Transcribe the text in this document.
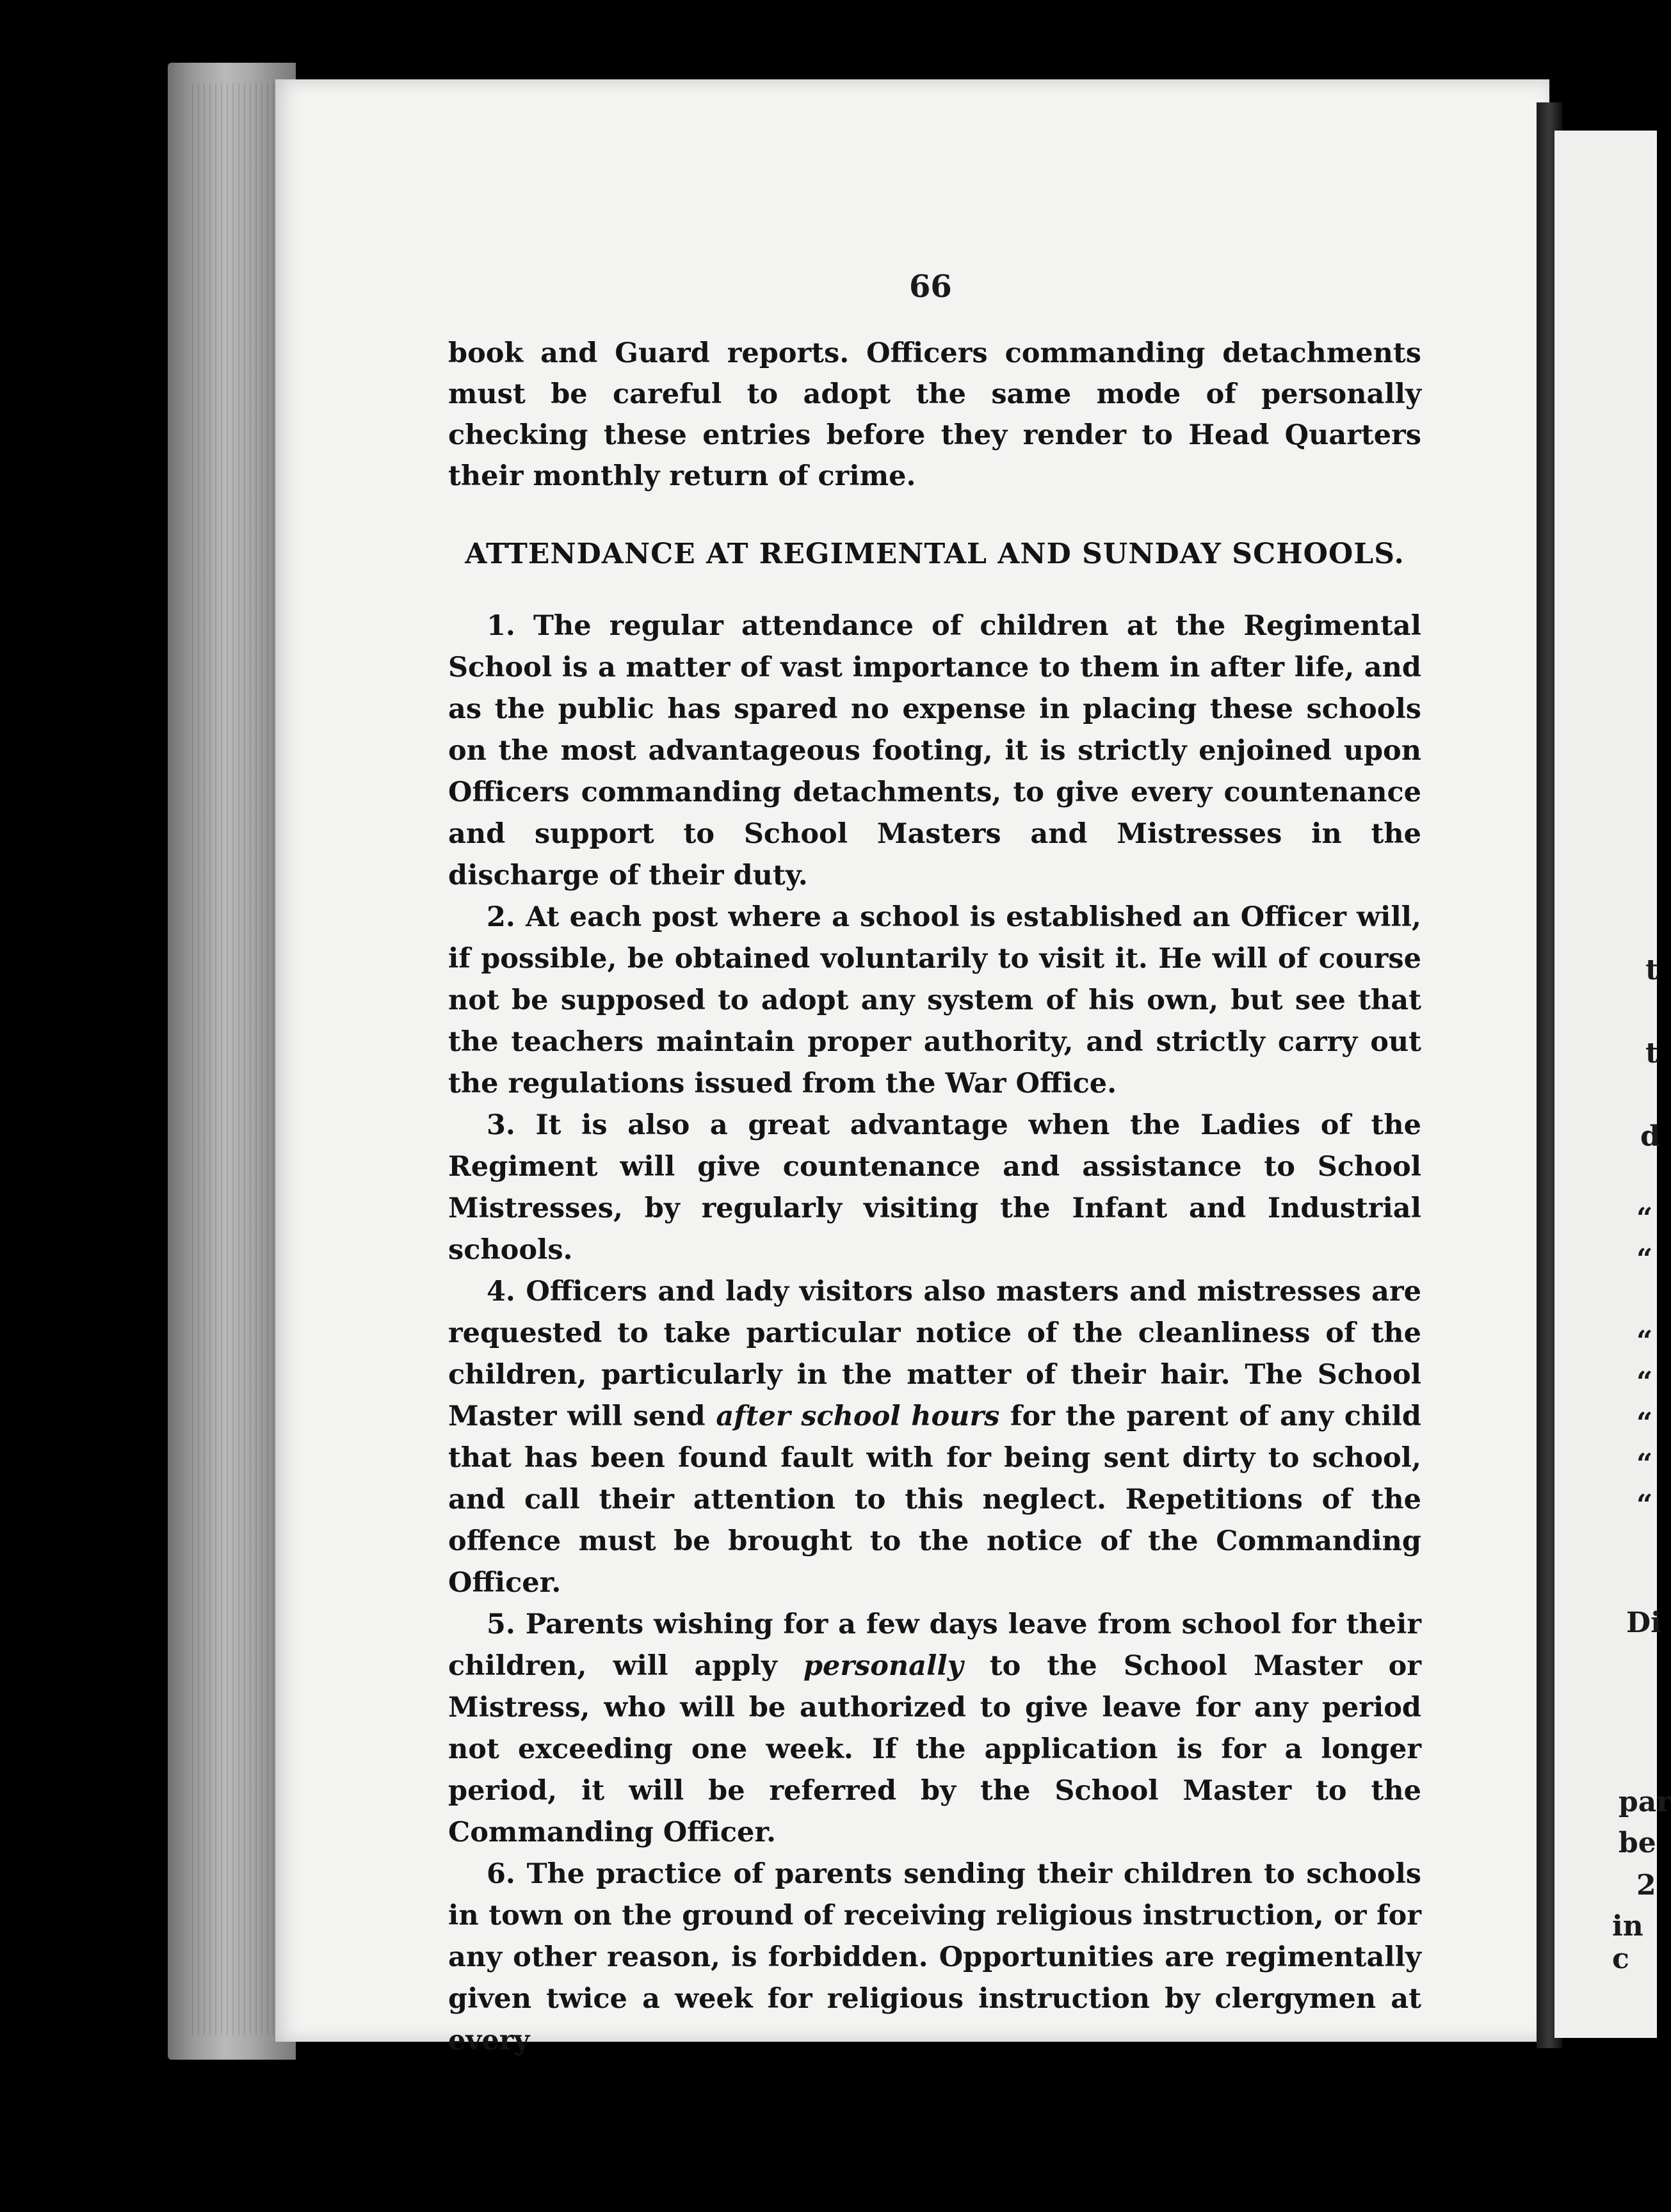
66

book and Guard reports. Officers commanding detachments must be careful to adopt the same mode of personally checking these entries before they render to Head Quarters their monthly return of crime.

ATTENDANCE AT REGIMENTAL AND SUNDAY SCHOOLS.

1. The regular attendance of children at the Regimental School is a matter of vast importance to them in after life, and as the public has spared no expense in placing these schools on the most advantageous footing, it is strictly enjoined upon Officers commanding detachments, to give every countenance and support to School Masters and Mistresses in the discharge of their duty.

2. At each post where a school is established an Officer will, if possible, be obtained voluntarily to visit it. He will of course not be supposed to adopt any system of his own, but see that the teachers maintain proper authority, and strictly carry out the regulations issued from the War Office.

3. It is also a great advantage when the Ladies of the Regiment will give countenance and assistance to School Mistresses, by regularly visiting the Infant and Industrial schools.

4. Officers and lady visitors also masters and mistresses are requested to take particular notice of the cleanliness of the children, particularly in the matter of their hair. The School Master will send after school hours for the parent of any child that has been found fault with for being sent dirty to school, and call their attention to this neglect. Repetitions of the offence must be brought to the notice of the Commanding Officer.

5. Parents wishing for a few days leave from school for their children, will apply personally to the School Master or Mistress, who will be authorized to give leave for any period not exceeding one week. If the application is for a longer period, it will be referred by the School Master to the Commanding Officer.

6. The practice of parents sending their children to schools in town on the ground of receiving religious instruction, or for any other reason, is forbidden. Opportunities are regimentally given twice a week for religious instruction by clergymen at every

t
t
d
“
“
“
“
“
“
“
Di
par
be
2
in c
